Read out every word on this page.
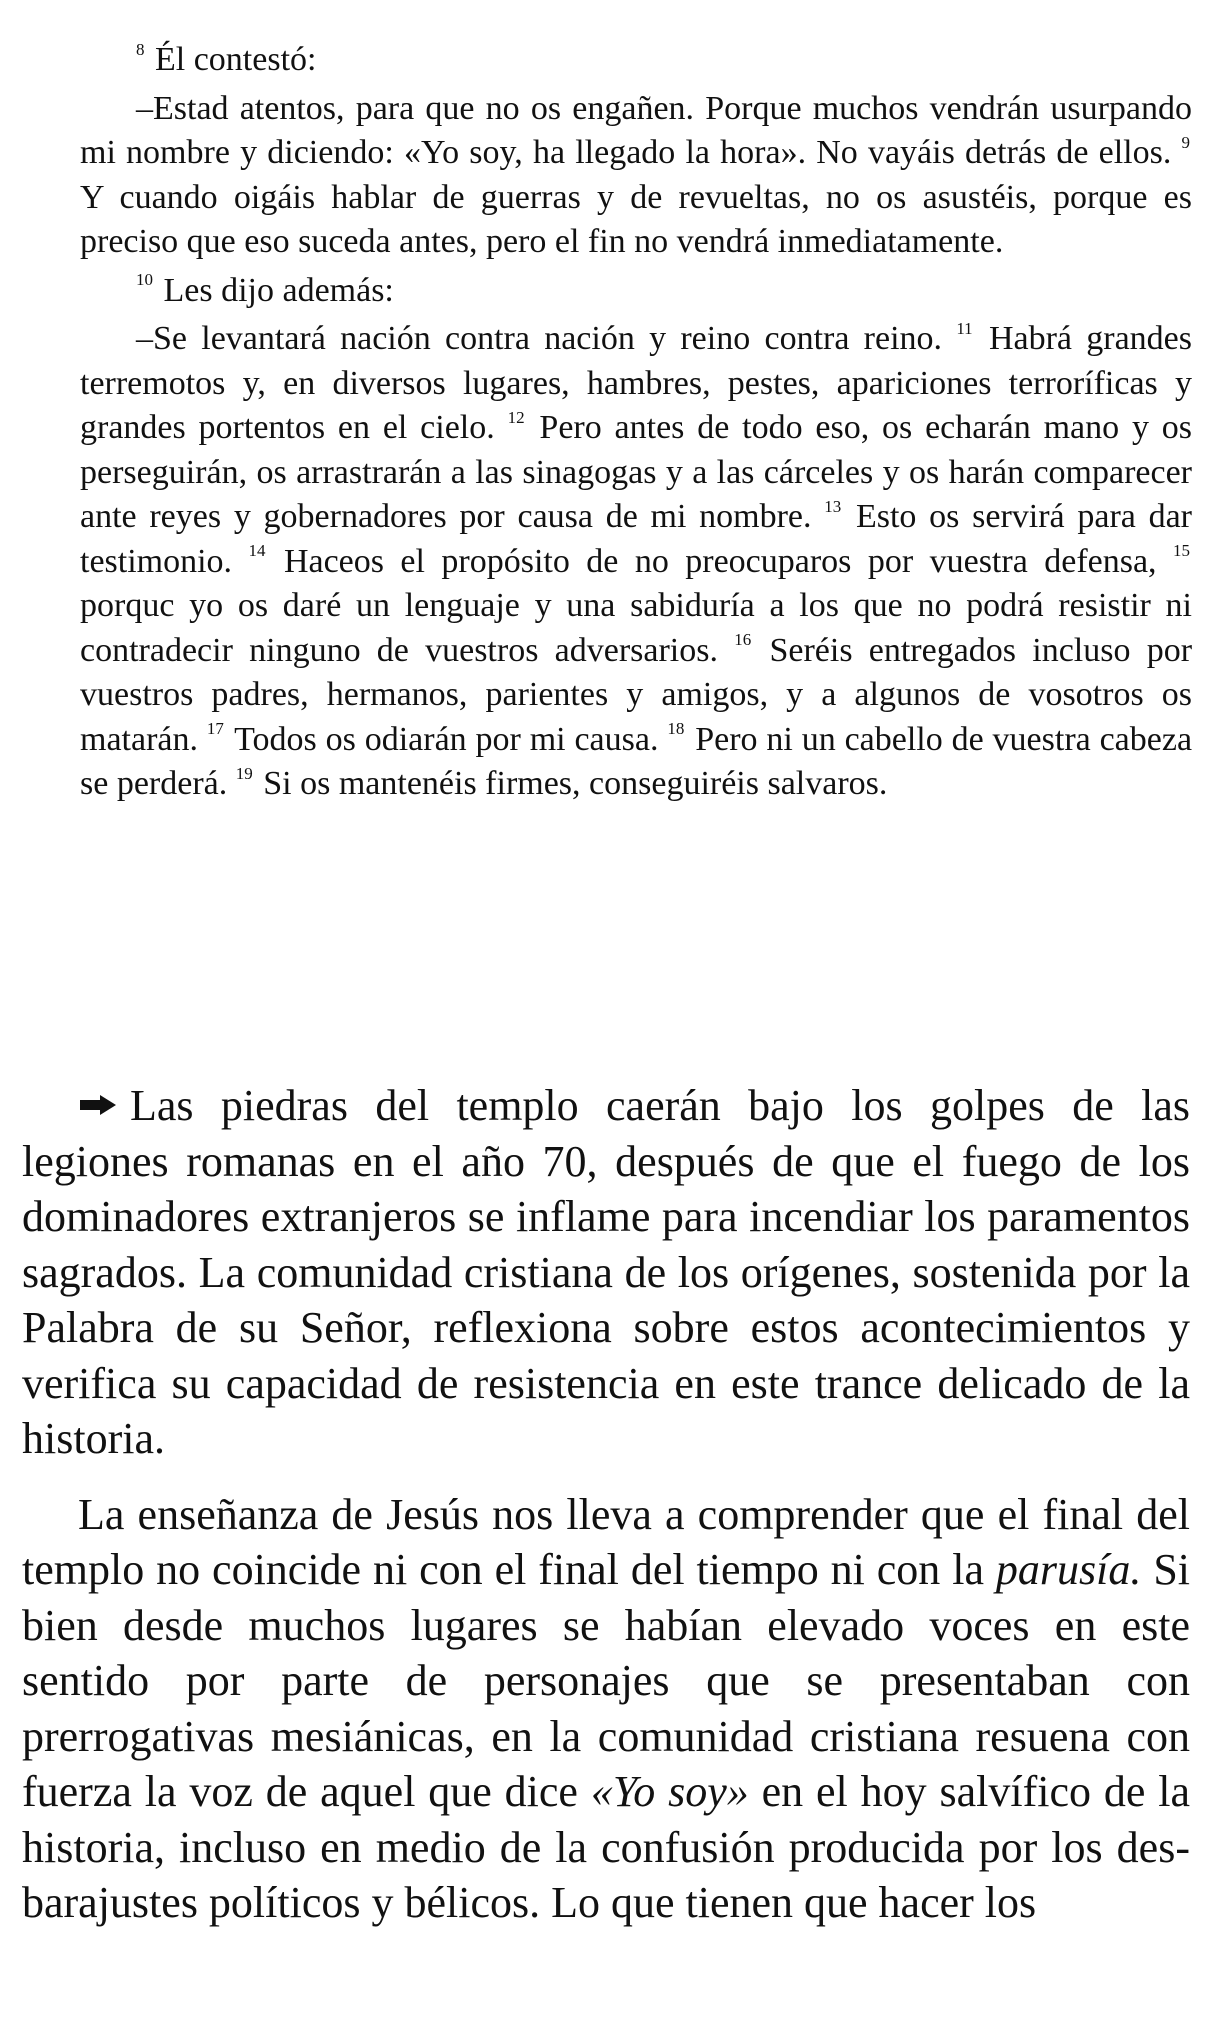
$^8$ Él contestó:

–Estad atentos, para que no os engañen. Porque muchos vendrán usurpando mi nombre y diciendo: «Yo soy, ha llegado la hora». No vayáis detrás de ellos. $^9$ Y cuando oigáis hablar de guerras y de revueltas, no os asustéis, porque es preciso que eso suceda antes, pero el fin no vendrá inmediatamente.

$^{10}$ Les dijo además:

–Se levantará nación contra nación y reino contra reino. $^{11}$ Habrá grandes terremotos y, en diversos lugares, hambres, pestes, apariciones terroríficas y grandes portentos en el cielo. $^{12}$ Pero antes de todo eso, os echarán mano y os perseguirán, os arrastrarán a las sinagogas y a las cárceles y os harán comparecer ante reyes y gobernadores por causa de mi nombre. $^{13}$ Esto os servirá para dar testimonio. $^{14}$ Haceos el propósito de no preocuparos por vuestra defensa, $^{15}$ porquc yo os daré un lenguaje y una sabiduría a los que no podrá resistir ni contradecir ninguno de vuestros adversarios. $^{16}$ Seréis entregados incluso por vuestros padres, hermanos, parientes y amigos, y a algunos de vosotros os matarán. $^{17}$ Todos os odiarán por mi causa. $^{18}$ Pero ni un cabello de vuestra cabeza se perderá. $^{19}$ Si os mantenéis firmes, conseguiréis salvaros.

Las piedras del templo caerán bajo los golpes de las legiones romanas en el año 70, después de que el fuego de los dominadores extranjeros se inflame para incendiar los paramentos sagrados. La comunidad cristiana de los orígenes, sostenida por la Palabra de su Señor, reflexiona sobre estos acontecimientos y verifica su capacidad de resistencia en este trance delicado de la historia.

La enseñanza de Jesús nos lleva a comprender que el final del templo no coincide ni con el final del tiempo ni con la parusía. Si bien desde muchos lugares se habían elevado voces en este sentido por parte de personajes que se presentaban con prerrogativas mesiánicas, en la comunidad cristiana resuena con fuerza la voz de aquel que dice «Yo soy» en el hoy salvífico de la historia, incluso en medio de la confusión producida por los desbarajustes políticos y bélicos. Lo que tienen que hacer los
